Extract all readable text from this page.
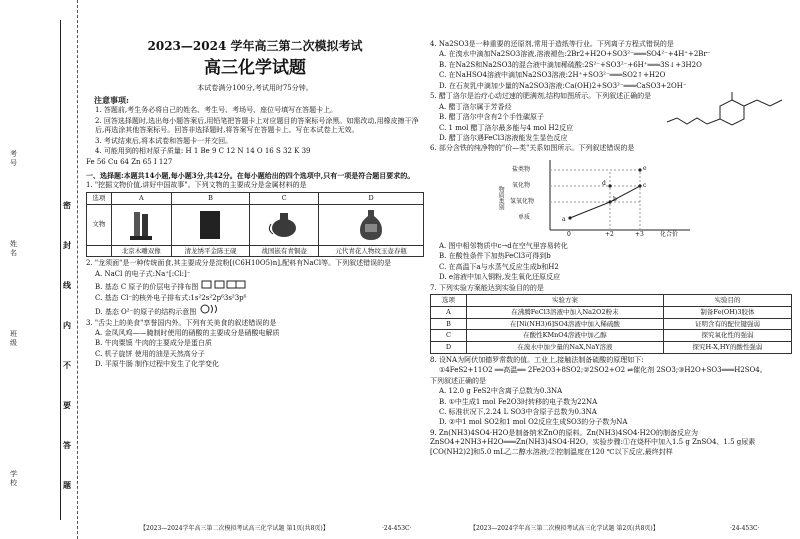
考号
姓名
班级
学校
密
封
线
内
不
要
答
题
2023—2024 学年高三第二次模拟考试
高三化学试题
本试卷满分100分,考试用时75分钟。
注意事项:
1. 答题前,考生务必将自己的姓名、考生号、考场号、座位号填写在答题卡上。
2. 回答选择题时,选出每小题答案后,用铅笔把答题卡上对应题目的答案标号涂黑。如需改动,用橡皮擦干净后,再选涂其他答案标号。回答非选择题时,将答案写在答题卡上。写在本试卷上无效。
3. 考试结束后,将本试卷和答题卡一并交回。
4. 可能用到的相对原子质量: H 1 Be 9 C 12 N 14 O 16 S 32 K 39
Fe 56 Cu 64 Zn 65 I 127
一、选择题:本题共14小题,每小题3分,共42分。在每小题给出的四个选项中,只有一项是符合题目要求的。
1. "挖掘文物价值,讲好中国故事"。下列文物的主要成分是金属材料的是
选项	A	B	C	D
文物	

	北京木雕双像	清龙绣平金陈王砚	战国嵌有青铜壶	元代青花人物纹玉壶春瓶
2. "龙须面"是一种传统面食,其主要成分是淀粉[(C6H10O5)n],配料有NaCl等。下列叙述错误的是
A. NaCl 的电子式:Na⁺[:Cl:]⁻
B. 基态 C 原子的价层电子排布图
C. 基态 Cl⁻的核外电子排布式:1s²2s²2p⁶3s²3p⁶
D. 基态 O²⁻的原子的结构示意图
3. "舌尖上的美食"享誉国内外。下列有关美食的叙述错误的是
A. 金凤风鸡——腌制时使用的硝酸的主要成分是硝酸电解质
B. 牛肉粟馍 牛肉的主要成分是蛋白质
C. 机子旋饼 使用的油是天然高分子
D. 平原牛肠 制作过程中发生了化学变化
【2023—2024学年高三第二次模拟考试高三化学试题 第1页(共8页)】	·24-453C·
4. Na2SO3是一种重要的还原剂,常用于造纸等行业。下列离子方程式错误的是
A. 在溴水中滴加Na2SO3溶液,溶液褪色:2Br2+H2O+SO3²⁻═══SO4²⁻+4H⁺+2Br⁻
B. 在Na2S和Na2SO3的混合液中滴加稀硫酸:2S²⁻+SO3²⁻+6H⁺═══3S↓+3H2O
C. 在NaHSO4溶液中滴加Na2SO3溶液:2H⁺+SO3²⁻═══SO2↑+H2O
D. 在石灰乳中滴加少量的Na2SO3溶液:Ca(OH)2+SO3²⁻═══CaSO3+2OH⁻
5. 醋丁洛尔是治疗心动过速的肥满剂,结构如图所示。下列叙述正确的是
A. 醋丁洛尔属于芳香烃
B. 醋丁洛尔中含有2个手性碳原子
C. 1 mol 醋丁洛尔最多能与4 mol H2反应
D. 醋丁洛尔遇FeCl3溶液能发生显色反应
6. 部分含铁的纯净物的"价—类"关系如图所示。下列叙述错误的是
盐类物
氧化物
氢氧化物
单质
物质类别
0	+2	+3	化合价
a
b
c
d
e
A. 图中相邻物质中c→d在空气里容易转化
B. 在酸性条件下加热FeCl3可得到b
C. 在高温下a与水蒸气反应生成b和H2
D. e溶液中加入铜粉,发生氧化还原反应
7. 下列实验方案能达到实验目的的是
选项	实验方案	实验目的
A	在沸腾FeCl3溶液中加入Na2O2粉末	制备Fe(OH)3胶体
B	在[Ni(NH3)6]SO4溶液中加入稀硫酸	证明含有的配位键强弱
C	在酸性KMnO4溶液中加乙醇	探究氧化性的强弱
D	在溴水中加少量的NaX,NaY溶液	探究H-X,HY的酸性强弱
8. 设NA为阿伏加德罗常数的值。工业上,接触法制备硫酸的原理如下:
①4FeS2+11O2 ══高温══ 2Fe2O3+8SO2;②2SO2+O2 ⇌催化剂 2SO3;③H2O+SO3═══H2SO4。
下列叙述正确的是
A. 12.0 g FeS2中含离子总数为0.3NA
B. ①中生成1 mol Fe2O3时转移的电子数为22NA
C. 标准状况下,2.24 L SO3中含原子总数为0.3NA
D. ②中1 mol SO2和1 mol O2反应生成SO3的分子数为NA
9. Zn(NH3)4SO4·H2O是制备纳米ZnO的原料。Zn(NH3)4SO4·H2O的制备反应为ZnSO4+2NH3+H2O═══Zn(NH3)4SO4·H2O。实验步骤:①在烧杯中加入1.5 g ZnSO4、1.5 g尿素[CO(NH2)2]和5.0 mL乙二醇水溶液;②控制温度在120 ℃以下反应,最终封样
【2023—2024学年高三第二次模拟考试高三化学试题 第2页(共8页)】	·24-453C·
